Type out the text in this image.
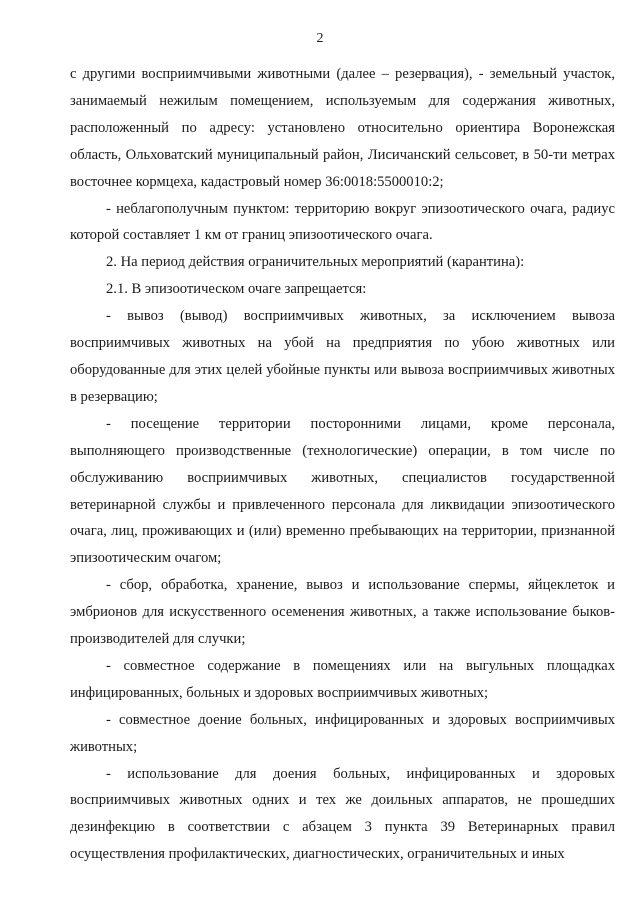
2

с другими восприимчивыми животными (далее – резервация), - земельный участок, занимаемый нежилым помещением, используемым для содержания животных, расположенный по адресу: установлено относительно ориентира Воронежская область, Ольховатский муниципальный район, Лисичанский сельсовет, в 50-ти метрах восточнее кормцеха, кадастровый номер 36:0018:5500010:2;

- неблагополучным пунктом: территорию вокруг эпизоотического очага, радиус которой составляет 1 км от границ эпизоотического очага.

2. На период действия ограничительных мероприятий (карантина):

2.1. В эпизоотическом очаге запрещается:

- вывоз (вывод) восприимчивых животных, за исключением вывоза восприимчивых животных на убой на предприятия по убою животных или оборудованные для этих целей убойные пункты или вывоза восприимчивых животных в резервацию;

- посещение территории посторонними лицами, кроме персонала, выполняющего производственные (технологические) операции, в том числе по обслуживанию восприимчивых животных, специалистов государственной ветеринарной службы и привлеченного персонала для ликвидации эпизоотического очага, лиц, проживающих и (или) временно пребывающих на территории, признанной эпизоотическим очагом;

- сбор, обработка, хранение, вывоз и использование спермы, яйцеклеток и эмбрионов для искусственного осеменения животных, а также использование быков-производителей для случки;

- совместное содержание в помещениях или на выгульных площадках инфицированных, больных и здоровых восприимчивых животных;

- совместное доение больных, инфицированных и здоровых восприимчивых животных;

- использование для доения больных, инфицированных и здоровых восприимчивых животных одних и тех же доильных аппаратов, не прошедших дезинфекцию в соответствии с абзацем 3 пункта 39 Ветеринарных правил осуществления профилактических, диагностических, ограничительных и иных
